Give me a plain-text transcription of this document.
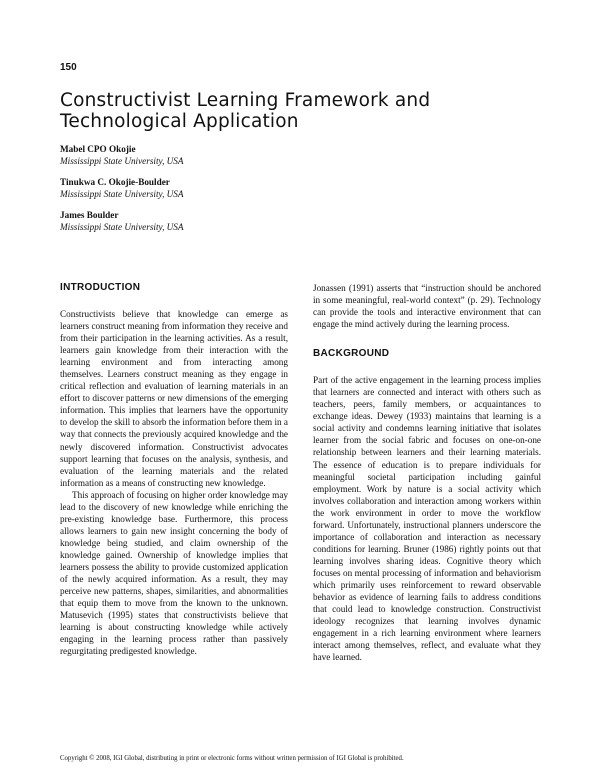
150
Constructivist Learning Framework and Technological Application
Mabel CPO Okojie
Mississippi State University, USA
Tinukwa C. Okojie-Boulder
Mississippi State University, USA
James Boulder
Mississippi State University, USA
INTRODUCTION

Constructivists believe that knowledge can emerge as learners construct meaning from information they receive and from their participation in the learning activities. As a result, learners gain knowledge from their interaction with the learning environment and from interacting among themselves. Learners construct meaning as they engage in critical reflection and evaluation of learning materials in an effort to discover patterns or new dimensions of the emerging information. This implies that learners have the opportunity to develop the skill to absorb the information before them in a way that connects the previously acquired knowledge and the newly discovered information. Constructivist advocates support learning that focuses on the analysis, synthesis, and evaluation of the learning materials and the related information as a means of constructing new knowledge.

This approach of focusing on higher order knowledge may lead to the discovery of new knowledge while enriching the pre-existing knowledge base. Furthermore, this process allows learners to gain new insight concerning the body of knowledge being studied, and claim ownership of the knowledge gained. Ownership of knowledge implies that learners possess the ability to provide customized application of the newly acquired information. As a result, they may perceive new patterns, shapes, similarities, and abnormalities that equip them to move from the known to the unknown. Matusevich (1995) states that constructivists believe that learning is about constructing knowledge while actively engaging in the learning process rather than passively regurgitating predigested knowledge.

Jonassen (1991) asserts that “instruction should be anchored in some meaningful, real-world context” (p. 29). Technology can provide the tools and interactive environment that can engage the mind actively during the learning process.

BACKGROUND

Part of the active engagement in the learning process implies that learners are connected and interact with others such as teachers, peers, family members, or acquaintances to exchange ideas. Dewey (1933) maintains that learning is a social activity and condemns learning initiative that isolates learner from the social fabric and focuses on one-on-one relationship between learners and their learning materials. The essence of education is to prepare individuals for meaningful societal participation including gainful employment. Work by nature is a social activity which involves collaboration and interaction among workers within the work environment in order to move the workflow forward. Unfortunately, instructional planners underscore the importance of collaboration and interaction as necessary conditions for learning. Bruner (1986) rightly points out that learning involves sharing ideas. Cognitive theory which focuses on mental processing of information and behaviorism which primarily uses reinforcement to reward observable behavior as evidence of learning fails to address conditions that could lead to knowledge construction. Constructivist ideology recognizes that learning involves dynamic engagement in a rich learning environment where learners interact among themselves, reflect, and evaluate what they have learned.

Copyright © 2008, IGI Global, distributing in print or electronic forms without written permission of IGI Global is prohibited.
